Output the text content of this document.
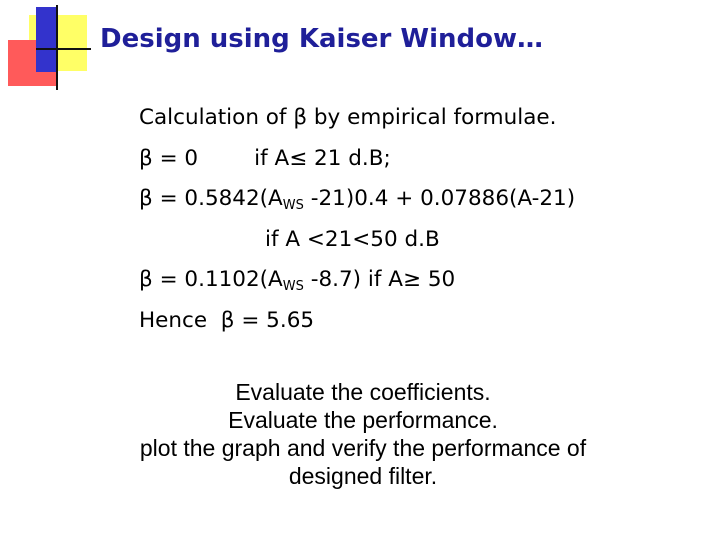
Design using Kaiser Window…
Calculation of β by empirical formulae.
β = 0	if A≤ 21 d.B;
$\beta = 0.5842(A_{WS}$ -21)0.4 + 0.07886(A-21)
if A <21<50 d.B
$\beta = 0.1102(A_{WS}$ -8.7) if A≥ 50
Hence β = 5.65
Evaluate the coefficients.
Evaluate the performance.
plot the graph and verify the performance of
designed filter.
